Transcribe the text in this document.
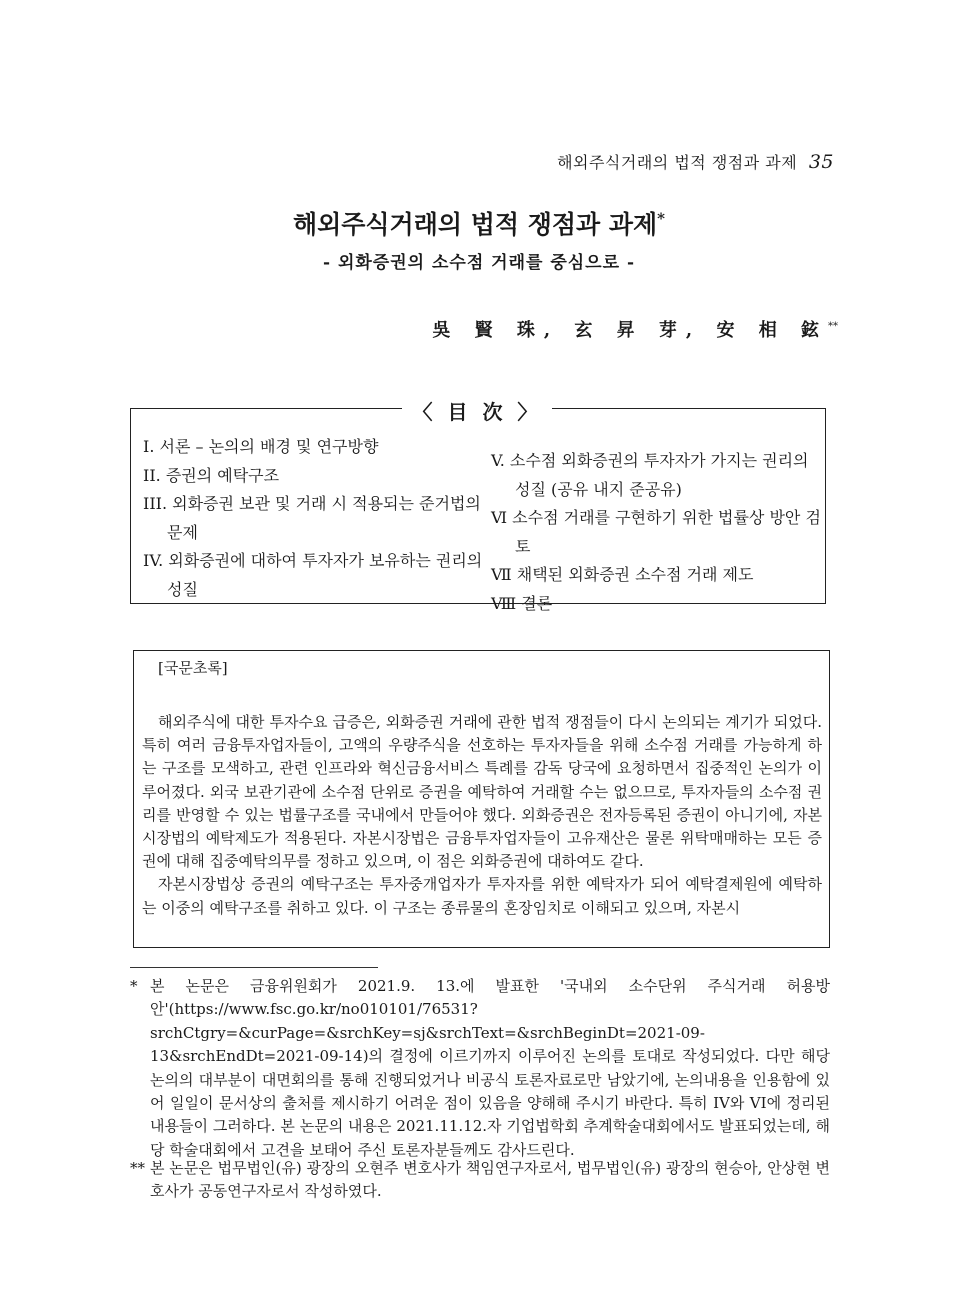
해외주식거래의 법적 쟁점과 과제 35
해외주식거래의 법적 쟁점과 과제*
- 외화증권의 소수점 거래를 중심으로 -
吳 賢 珠, 玄 昇 芽, 安 相 鉉**
I. 서론 – 논의의 배경 및 연구방향
II. 증권의 예탁구조
III. 외화증권 보관 및 거래 시 적용되는 준거법의 문제
IV. 외화증권에 대하여 투자자가 보유하는 권리의 성질
V. 소수점 외화증권의 투자자가 가지는 권리의 성질 (공유 내지 준공유)
Ⅵ 소수점 거래를 구현하기 위한 법률상 방안 검토
Ⅶ 채택된 외화증권 소수점 거래 제도
Ⅷ 결론
〈 目 次 〉
[국문초록]

해외주식에 대한 투자수요 급증은, 외화증권 거래에 관한 법적 쟁점들이 다시 논의되는 계기가 되었다. 특히 여러 금융투자업자들이, 고액의 우량주식을 선호하는 투자자들을 위해 소수점 거래를 가능하게 하는 구조를 모색하고, 관련 인프라와 혁신금융서비스 특례를 감독 당국에 요청하면서 집중적인 논의가 이루어졌다. 외국 보관기관에 소수점 단위로 증권을 예탁하여 거래할 수는 없으므로, 투자자들의 소수점 권리를 반영할 수 있는 법률구조를 국내에서 만들어야 했다. 외화증권은 전자등록된 증권이 아니기에, 자본시장법의 예탁제도가 적용된다. 자본시장법은 금융투자업자들이 고유재산은 물론 위탁매매하는 모든 증권에 대해 집중예탁의무를 정하고 있으며, 이 점은 외화증권에 대하여도 같다.

자본시장법상 증권의 예탁구조는 투자중개업자가 투자자를 위한 예탁자가 되어 예탁결제원에 예탁하는 이중의 예탁구조를 취하고 있다. 이 구조는 종류물의 혼장임치로 이해되고 있으며, 자본시

* 본 논문은 금융위원회가 2021.9. 13.에 발표한 '국내외 소수단위 주식거래 허용방안'(https://www.fsc.go.kr/no010101/76531?srchCtgry=&curPage=&srchKey=sj&srchText=&srchBeginDt=2021-09-13&srchEndDt=2021-09-14)의 결정에 이르기까지 이루어진 논의를 토대로 작성되었다. 다만 해당 논의의 대부분이 대면회의를 통해 진행되었거나 비공식 토론자료로만 남았기에, 논의내용을 인용함에 있어 일일이 문서상의 출처를 제시하기 어려운 점이 있음을 양해해 주시기 바란다. 특히 IV와 VI에 정리된 내용들이 그러하다. 본 논문의 내용은 2021.11.12.자 기업법학회 추계학술대회에서도 발표되었는데, 해당 학술대회에서 고견을 보태어 주신 토론자분들께도 감사드린다.
** 본 논문은 법무법인(유) 광장의 오현주 변호사가 책임연구자로서, 법무법인(유) 광장의 현승아, 안상현 변호사가 공동연구자로서 작성하였다.
